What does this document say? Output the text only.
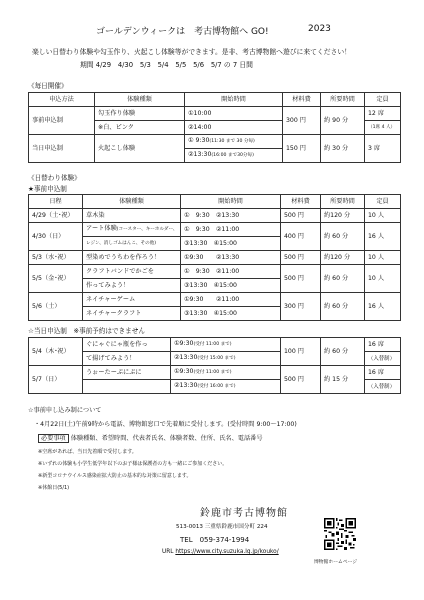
ゴールデンウィークは　考古博物館へ GO!	2023
楽しい日替わり体験や勾玉作り、火起こし体験等ができます。是非、考古博物館へ遊びに来てください！
期間 4/29　4/30　5/3　5/4　5/5　5/6　5/7 の 7 日間
《毎日開催》
申込方法	体験種類	開始時間	材料費	所要時間	定員
事前申込制	勾玉作り体験	①10:00	300 円	約 90 分	12 席
	※白、ピンク	②14:00			（1席 4 人）
当日申込制	火起こし体験	① 9:30(11:30 まで 30 分毎)	150 円	約 30 分	3 席
		②13:30(16:00 まで30分毎)			
《日替わり体験》
★事前申込制
日程	体験種類	開始時間	材料費	所要時間	定員
4/29（土･祝）	草木染	①　9:30　②13:30	500 円	約120 分	10 人
4/30（日）	アート体験(コースター、キーホルダー、	①　9:30　②11:00	400 円	約 60 分	16 人
	レジン、消しゴムはんこ、その他)	③13:30　④15:00			
5/3（水･祝）	型染めでうちわを作ろう！	①9:30　　②13:30	500 円	約120 分	10 人
5/5（金･祝）	クラフトバンドでかごを	①　9:30　②11:00	500 円	約 60 分	10 人
	作ってみよう！	③13:30　④15:00			
5/6（土）	ネイチャーゲーム	①9:30　　②11:00	300 円	約 60 分	16 人
	ネイチャークラフト	③13:30　④15:00			
☆当日申込制　※事前予約はできません
5/4（木･祝）	ぐにゃぐにゃ瓶を作っ	①9:30(受付 11:00 まで)	100 円	約 60 分	16 席
	て揚げてみよう！	②13:30(受付 15:00 まで)			（入替制）
5/7（日）	うぉーたーぷにぷに	①9:30(受付 11:00 まで)	500 円	約 15 分	16 席
		②13:30(受付 16:00 まで)			（入替制）
☆事前申し込み制について
・4月22日(土)午前9時から電話、博物館窓口で先着順に受付します。(受付時間 9:00～17:00)
必要事項 体験種類、希望時間、代表者氏名、体験者数、住所、氏名、電話番号
※空席があれば、当日先着順で受付します。
※いずれの体験も小学生低学年以下のお子様は保護者の方も一緒にご参加ください。
※新型コロナウイルス感染症拡大防止の基本的な対策に留意します。
※休館日(5/1)
鈴鹿市考古博物館
513-0013 三重県鈴鹿市国分町 224
TEL　059-374-1994
URL https://www.city.suzuka.lg.jp/kouko/
博物館ホームページ
